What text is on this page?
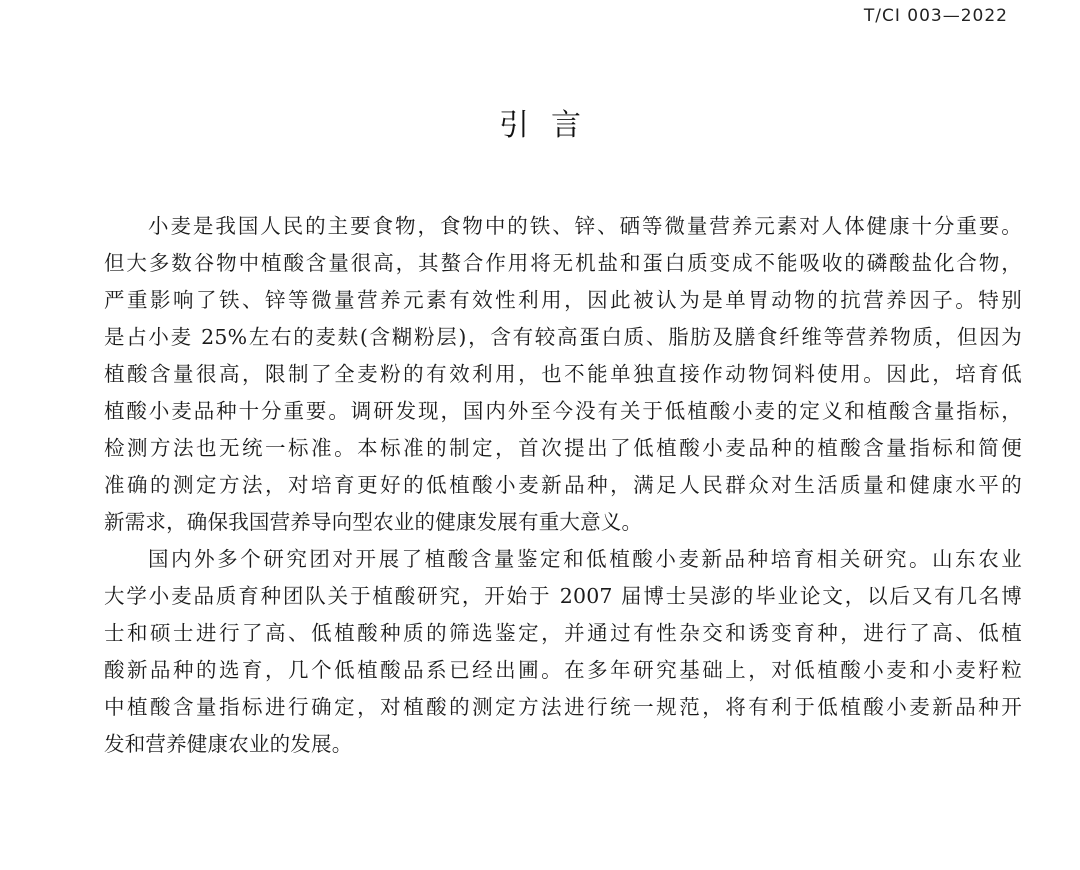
T/CI 003—2022
引言
小麦是我国人民的主要食物，食物中的铁、锌、硒等微量营养元素对人体健康十分重要。
但大多数谷物中植酸含量很高，其螯合作用将无机盐和蛋白质变成不能吸收的磷酸盐化合物，
严重影响了铁、锌等微量营养元素有效性利用，因此被认为是单胃动物的抗营养因子。特别
是占小麦 25%左右的麦麸(含糊粉层)，含有较高蛋白质、脂肪及膳食纤维等营养物质，但因为
植酸含量很高，限制了全麦粉的有效利用，也不能单独直接作动物饲料使用。因此，培育低
植酸小麦品种十分重要。调研发现，国内外至今没有关于低植酸小麦的定义和植酸含量指标，
检测方法也无统一标准。本标准的制定，首次提出了低植酸小麦品种的植酸含量指标和简便
准确的测定方法，对培育更好的低植酸小麦新品种，满足人民群众对生活质量和健康水平的
新需求，确保我国营养导向型农业的健康发展有重大意义。
国内外多个研究团对开展了植酸含量鉴定和低植酸小麦新品种培育相关研究。山东农业
大学小麦品质育种团队关于植酸研究，开始于 2007 届博士吴澎的毕业论文，以后又有几名博
士和硕士进行了高、低植酸种质的筛选鉴定，并通过有性杂交和诱变育种，进行了高、低植
酸新品种的选育，几个低植酸品系已经出圃。在多年研究基础上，对低植酸小麦和小麦籽粒
中植酸含量指标进行确定，对植酸的测定方法进行统一规范，将有利于低植酸小麦新品种开
发和营养健康农业的发展。
